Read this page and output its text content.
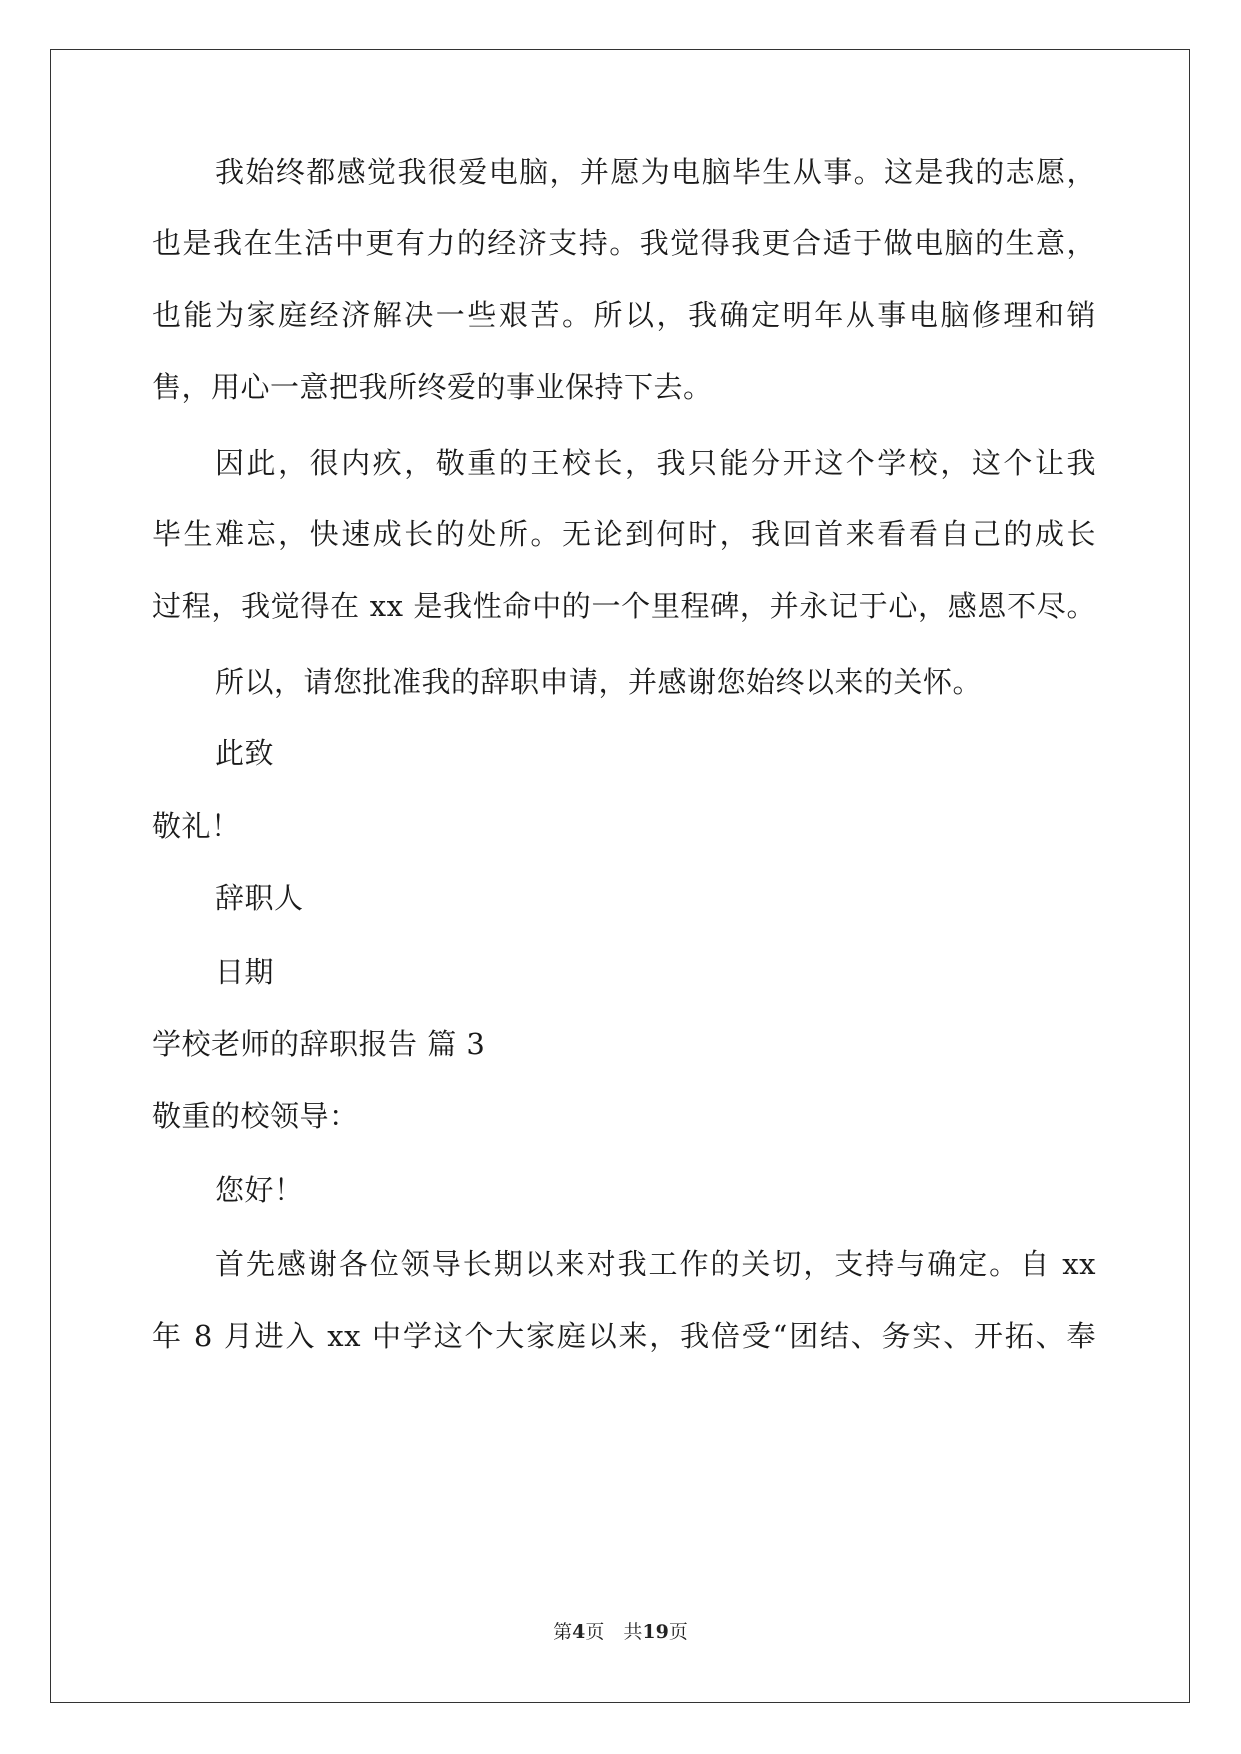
我始终都感觉我很爱电脑，并愿为电脑毕生从事。这是我的志愿，
也是我在生活中更有力的经济支持。我觉得我更合适于做电脑的生意，
也能为家庭经济解决一些艰苦。所以，我确定明年从事电脑修理和销
售，用心一意把我所终爱的事业保持下去。
因此，很内疚，敬重的王校长，我只能分开这个学校，这个让我
毕生难忘，快速成长的处所。无论到何时，我回首来看看自己的成长
过程，我觉得在 xx 是我性命中的一个里程碑，并永记于心，感恩不尽。
所以，请您批准我的辞职申请，并感谢您始终以来的关怀。
此致
敬礼！
辞职人
日期
学校老师的辞职报告 篇 3
敬重的校领导：
您好！
首先感谢各位领导长期以来对我工作的关切，支持与确定。自 xx
年 8 月进入 xx 中学这个大家庭以来，我倍受“团结、务实、开拓、奉
第4页　共19页
